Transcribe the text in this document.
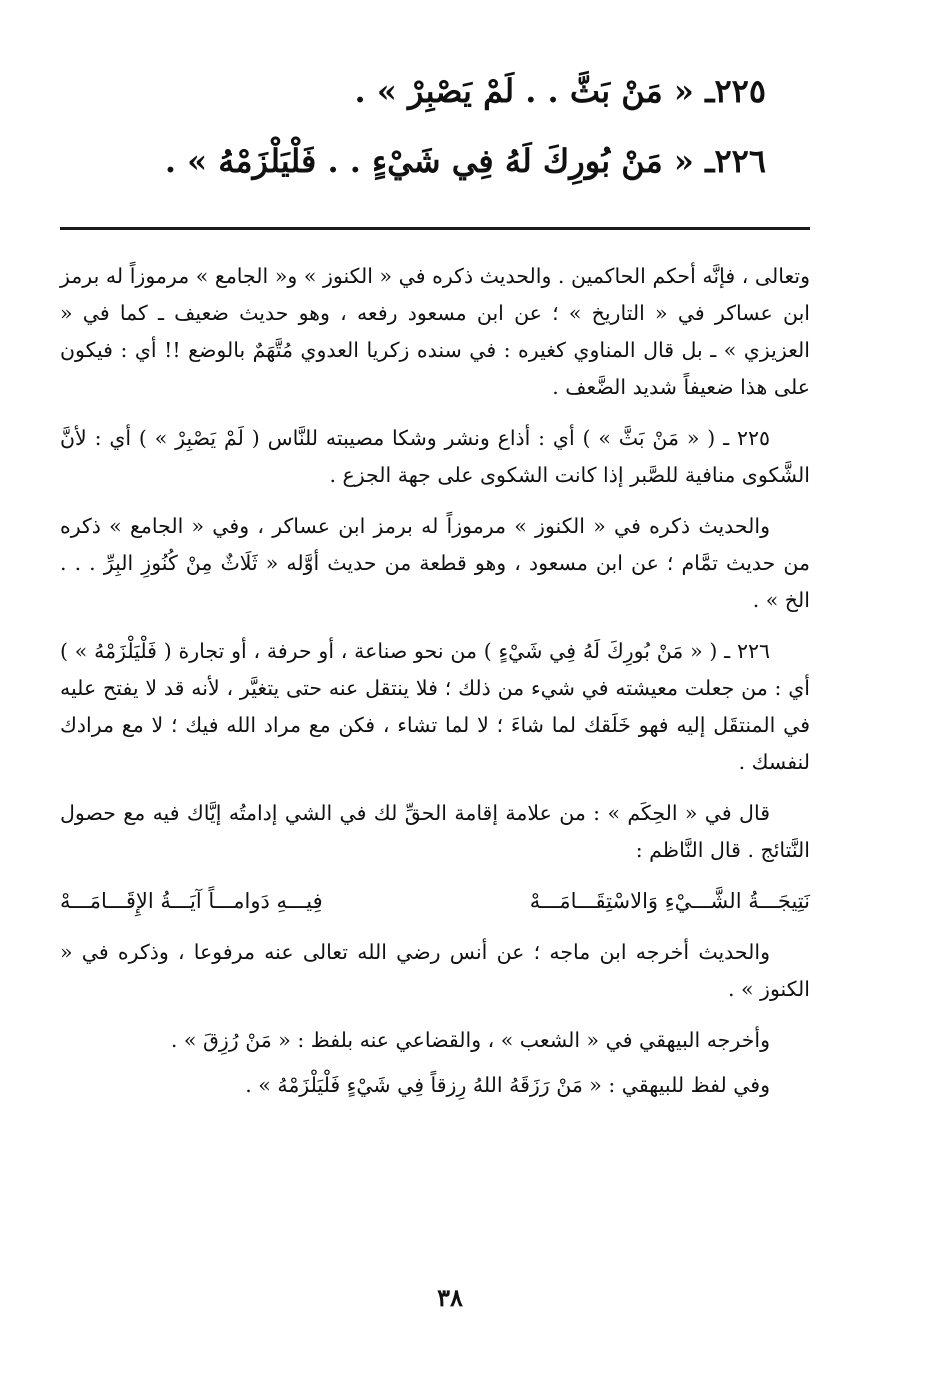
٢٢٥ـ « مَنْ بَثَّ . . لَمْ يَصْبِرْ » .
٢٢٦ـ « مَنْ بُورِكَ لَهُ فِي شَيْءٍ . . فَلْيَلْزَمْهُ » .

وتعالى ، فإنَّه أحكم الحاكمين . والحديث ذكره في « الكنوز » و« الجامع » مرموزاً له برمز ابن عساكر في « التاريخ » ؛ عن ابن مسعود رفعه ، وهو حديث ضعيف ـ كما في « العزيزي » ـ بل قال المناوي كغيره : في سنده زكريا العدوي مُتَّهَمٌ بالوضع !! أي : فيكون على هذا ضعيفاً شديد الضَّعف .

٢٢٥ ـ ( « مَنْ بَثَّ » ) أي : أذاع ونشر وشكا مصيبته للنَّاس ( لَمْ يَصْبِرْ » ) أي : لأنَّ الشَّكوى منافية للصَّبر إذا كانت الشكوى على جهة الجزع .

والحديث ذكره في « الكنوز » مرموزاً له برمز ابن عساكر ، وفي « الجامع » ذكره من حديث تمَّام ؛ عن ابن مسعود ، وهو قطعة من حديث أوَّله « ثَلَاثٌ مِنْ كُنُوزِ البِرِّ . . . الخ » .

٢٢٦ ـ ( « مَنْ بُورِكَ لَهُ فِي شَيْءٍ ) من نحو صناعة ، أو حرفة ، أو تجارة ( فَلْيَلْزَمْهُ » ) أي : من جعلت معيشته في شيء من ذلك ؛ فلا ينتقل عنه حتى يتغيَّر ، لأنه قد لا يفتح عليه في المنتقَل إليه فهو خَلَقك لما شاءَ ؛ لا لما تشاء ، فكن مع مراد الله فيك ؛ لا مع مرادك لنفسك .

قال في « الحِكَم » : من علامة إقامة الحقِّ لك في الشي إدامتُه إيَّاك فيه مع حصول النَّتائج . قال النَّاظم :

نَتِيجَـــةُ الشَّـــيْءِ وَالاسْتِقَـــامَـــهْ
فِيـــهِ دَوامـــاً آيَـــةُ الإِقَـــامَـــهْ

والحديث أخرجه ابن ماجه ؛ عن أنس رضي الله تعالى عنه مرفوعا ، وذكره في « الكنوز » .

وأخرجه البيهقي في « الشعب » ، والقضاعي عنه بلفظ : « مَنْ رُزِقَ » .

وفي لفظ للبيهقي : « مَنْ رَزَقَهُ اللهُ رِزقاً فِي شَيْءٍ فَلْيَلْزَمْهُ » .

٣٨
